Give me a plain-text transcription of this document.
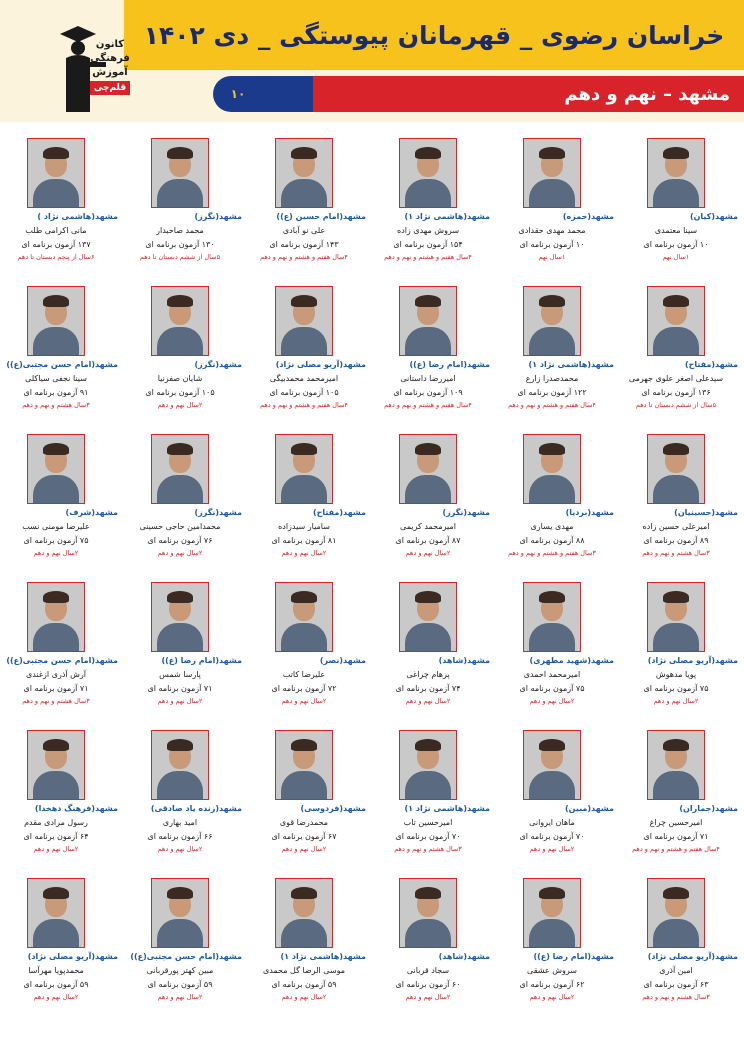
خراسان رضوی _ قهرمانان پیوستگی _ دی ۱۴۰۲
۱۰	مشهد – نهم و دهم
کانون
فرهنگی
آموزش
قلم‌چی
مشهد(کیان)
سینا معتمدی
۱۰ آزمون برنامه ای
۱سال نهم
مشهد(حمزه)
محمد مهدی حقدادی
۱۰ آزمون برنامه ای
۱سال نهم
مشهد(هاشمی نژاد ۱)
سروش مهدی زاده
۱۵۴ آزمون برنامه ای
۴سال هفتم و هشتم و نهم و دهم
مشهد(امام حسین (ع))
علی نو آبادی
۱۴۳ آزمون برنامه ای
۴سال هفتم و هشتم و نهم و دهم
مشهد(نگرز)
محمد صاحبدار
۱۳۰ آزمون برنامه ای
۵سال از ششم دبستان تا دهم
مشهد(هاشمی نژاد )
مانی اکرامی طلب
۱۳۷ آزمون برنامه ای
۶سال از پنجم دبستان تا دهم
مشهد(مفتاح)
سیدعلی اصغر علوی جهرمی
۱۳۶ آزمون برنامه ای
۵سال از ششم دبستان تا دهم
مشهد(هاشمی نژاد ۱)
محمدصدرا زارع
۱۲۲ آزمون برنامه ای
۴سال هفتم و هشتم و نهم و دهم
مشهد(امام رضا (ع))
امیررضا داستانی
۱۰۹ آزمون برنامه ای
۴سال هفتم و هشتم و نهم و دهم
مشهد(آریو مصلی نژاد)
امیرمحمد محمدبیگی
۱۰۵ آزمون برنامه ای
۴سال هفتم و هشتم و نهم و دهم
مشهد(نگرز)
شایان صفرنیا
۱۰۵ آزمون برنامه ای
۲سال نهم و دهم
مشهد(امام حسن مجتبی(ع))
سینا نجفی سیاکلی
۹۱ آزمون برنامه ای
۳سال هشتم و نهم و دهم
مشهد(حسینیان)
امیرعلی حسین زاده
۸۹ آزمون برنامه ای
۳سال هشتم و نهم و دهم
مشهد(بردیا)
مهدی یساری
۸۸ آزمون برنامه ای
۳سال هفتم و هشتم و نهم و دهم
مشهد(نگرز)
امیرمحمد کریمی
۸۷ آزمون برنامه ای
۲سال نهم و دهم
مشهد(مفتاح)
سامیار سیدزاده
۸۱ آزمون برنامه ای
۲سال نهم و دهم
مشهد(نگرز)
محمدامین حاجی حسینی
۷۶ آزمون برنامه ای
۲سال نهم و دهم
مشهد(شرف)
علیرضا مومنی نسب
۷۵ آزمون برنامه ای
۲سال نهم و دهم
مشهد(آریو مصلی نژاد)
پویا مدهوش
۷۵ آزمون برنامه ای
۲سال نهم و دهم
مشهد(شهید مطهری)
امیرمحمد احمدی
۷۵ آزمون برنامه ای
۲سال نهم و دهم
مشهد(شاهد)
پرهام چراغی
۷۴ آزمون برنامه ای
۲سال نهم و دهم
مشهد(نصر)
علیرضا کاتب
۷۲ آزمون برنامه ای
۲سال نهم و دهم
مشهد(امام رضا (ع))
پارسا شمس
۷۱ آزمون برنامه ای
۲سال نهم و دهم
مشهد(امام حسن مجتبی(ع))
آرش آذری ازغندی
۷۱ آزمون برنامه ای
۳سال هشتم و نهم و دهم
مشهد(جماران)
امیرحسین چراغ
۷۱ آزمون برنامه ای
۴سال هفتم و هشتم و نهم و دهم
مشهد(مبین)
ماهان ایروانی
۷۰ آزمون برنامه ای
۲سال نهم و دهم
مشهد(هاشمی نژاد ۱)
امیرحسین تاب
۷۰ آزمون برنامه ای
۳سال هشتم و نهم و دهم
مشهد(فردوسی)
محمدرضا قوی
۶۷ آزمون برنامه ای
۲سال نهم و دهم
مشهد(زنده یاد صادقی)
امید بهاری
۶۶ آزمون برنامه ای
۲سال نهم و دهم
مشهد(فرهنگ دهخدا)
رسول مرادی مقدم
۶۴ آزمون برنامه ای
۲سال نهم و دهم
مشهد(آریو مصلی نژاد)
امین آذری
۶۳ آزمون برنامه ای
۳سال هشتم و نهم و دهم
مشهد(امام رضا (ع))
سروش عشقی
۶۲ آزمون برنامه ای
۲سال نهم و دهم
مشهد(شاهد)
سجاد قربانی
۶۰ آزمون برنامه ای
۲سال نهم و دهم
مشهد(هاشمی نژاد ۱)
موسی الرضا گل محمدی
۵۹ آزمون برنامه ای
۲سال نهم و دهم
مشهد(امام حسن مجتبی(ع))
مبین کهتر پورقربانی
۵۹ آزمون برنامه ای
۲سال نهم و دهم
مشهد(آریو مصلی نژاد)
محمدپویا مهرآسا
۵۹ آزمون برنامه ای
۲سال نهم و دهم
